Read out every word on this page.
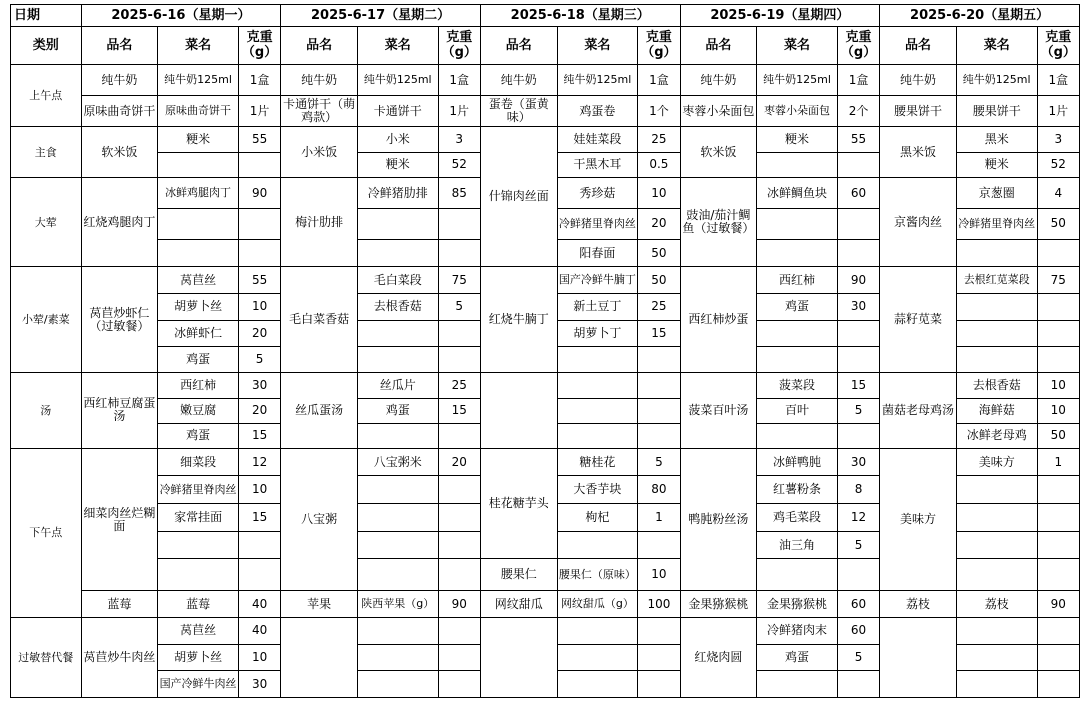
日期	2025-6-16（星期一）			2025-6-17（星期二）			2025-6-18（星期三）			2025-6-19（星期四）			2025-6-20（星期五）		
类别	品名	菜名	克重（g）	品名	菜名	克重（g）	品名	菜名	克重（g）	品名	菜名	克重（g）	品名	菜名	克重（g）
上午点	纯牛奶	纯牛奶125ml	1盒	纯牛奶	纯牛奶125ml	1盒	纯牛奶	纯牛奶125ml	1盒	纯牛奶	纯牛奶125ml	1盒	纯牛奶	纯牛奶125ml	1盒
	原味曲奇饼干	原味曲奇饼干	1片	卡通饼干（萌鸡款）	卡通饼干	1片	蛋卷（蛋黄味）	鸡蛋卷	1个	枣蓉小朵面包	枣蓉小朵面包	2个	腰果饼干	腰果饼干	1片
主食	软米饭	粳米	55	小米饭	小米	3	什锦肉丝面	娃娃菜段	25	软米饭	粳米	55	黑米饭	黑米	3
					粳米	52		干黑木耳	0.5					粳米	52
大荤	红烧鸡腿肉丁	冰鲜鸡腿肉丁	90	梅汁肋排	冷鲜猪肋排	85		秀珍菇	10	豉油/茄汁鲷鱼（过敏餐）	冰鲜鲷鱼块	60	京酱肉丝	京葱圈	4
								冷鲜猪里脊肉丝	20					冷鲜猪里脊肉丝	50
								阳春面	50						
小荤/素菜	莴苣炒虾仁（过敏餐）	莴苣丝	55	毛白菜香菇	毛白菜段	75	红烧牛腩丁	国产冷鲜牛腩丁	50	西红柿炒蛋	西红柿	90	蒜籽苋菜	去根红苋菜段	75
		胡萝卜丝	10		去根香菇	5		新土豆丁	25		鸡蛋	30			
		冰鲜虾仁	20					胡萝卜丁	15						
		鸡蛋	5												
汤	西红柿豆腐蛋汤	西红柿	30	丝瓜蛋汤	丝瓜片	25				菠菜百叶汤	菠菜段	15	菌菇老母鸡汤	去根香菇	10
		嫩豆腐	20		鸡蛋	15					百叶	5		海鲜菇	10
		鸡蛋	15											冰鲜老母鸡	50
下午点	细菜肉丝烂糊面	细菜段	12	八宝粥	八宝粥米	20	桂花糖芋头	糖桂花	5	鸭肫粉丝汤	冰鲜鸭肫	30	美味方	美味方	1
		冷鲜猪里脊肉丝	10					大香芋块	80		红薯粉条	8			
		家常挂面	15					枸杞	1		鸡毛菜段	12			
											油三角	5			
							腰果仁	腰果仁（原味）	10						
	蓝莓	蓝莓	40	苹果	陕西苹果（g）	90	网纹甜瓜	网纹甜瓜（g）	100	金果猕猴桃	金果猕猴桃	60	荔枝	荔枝	90
过敏替代餐	莴苣炒牛肉丝	莴苣丝	40							红烧肉圆	冷鲜猪肉末	60			
		胡萝卜丝	10								鸡蛋	5			
		国产冷鲜牛肉丝	30												
